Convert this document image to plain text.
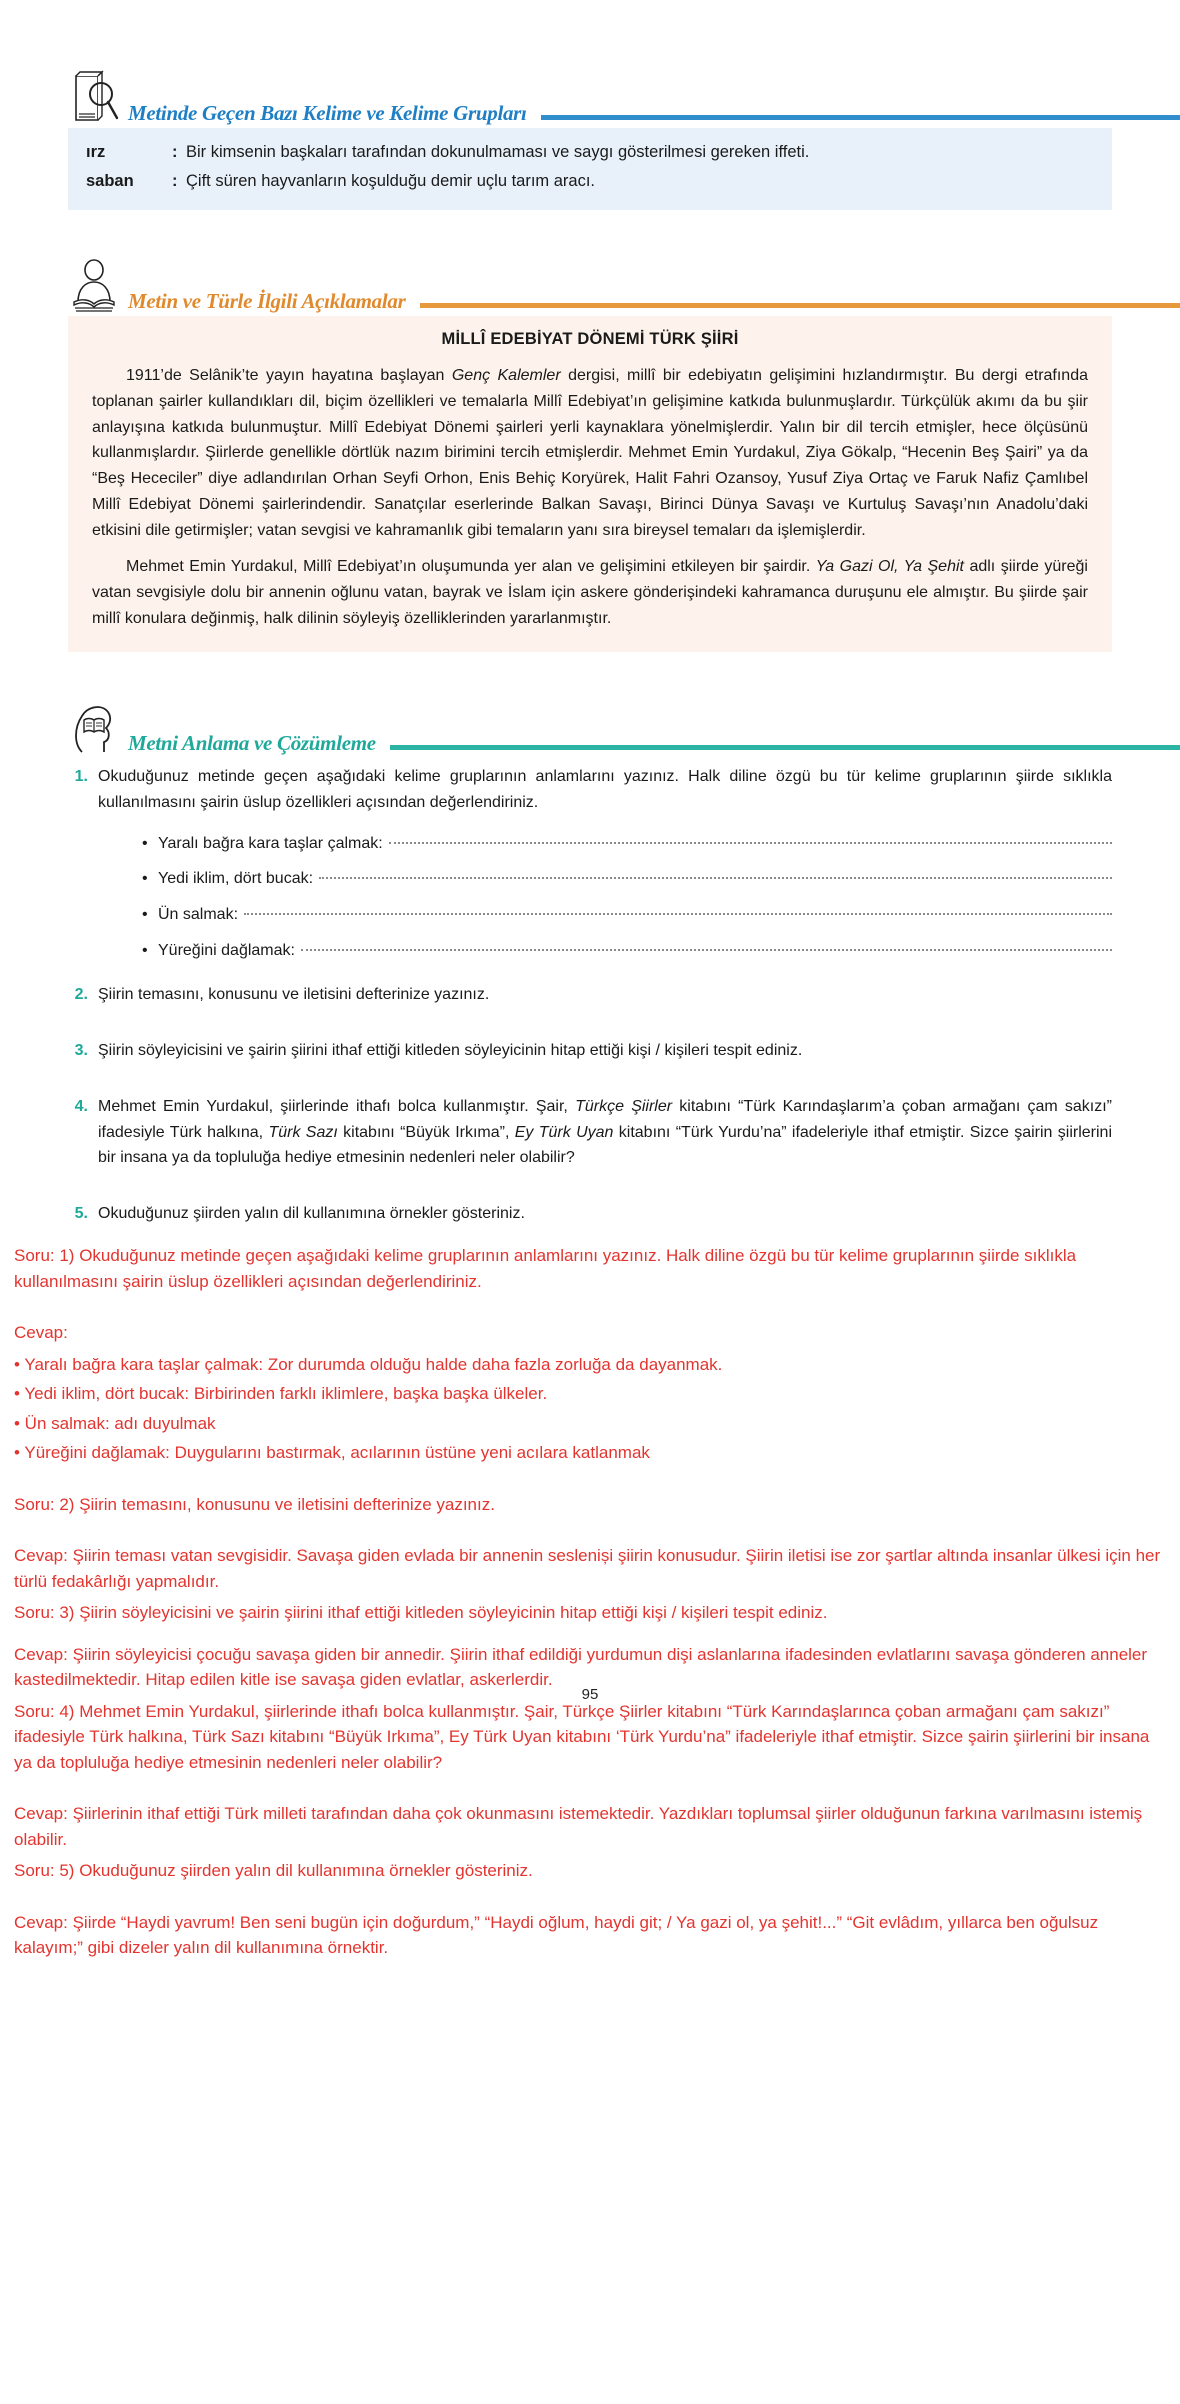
Metinde Geçen Bazı Kelime ve Kelime Grupları
ırz	: Bir kimsenin başkaları tarafından dokunulmaması ve saygı gösterilmesi gereken iffeti.
saban	: Çift süren hayvanların koşulduğu demir uçlu tarım aracı.
Metin ve Türle İlgili Açıklamalar
MİLLÎ EDEBİYAT DÖNEMİ TÜRK ŞİİRİ

1911’de Selânik’te yayın hayatına başlayan Genç Kalemler dergisi, millî bir edebiyatın gelişimini hızlandırmıştır. Bu dergi etrafında toplanan şairler kullandıkları dil, biçim özellikleri ve temalarla Millî Edebiyat’ın gelişimine katkıda bulunmuşlardır. Türkçülük akımı da bu şiir anlayışına katkıda bulunmuştur. Millî Edebiyat Dönemi şairleri yerli kaynaklara yönelmişlerdir. Yalın bir dil tercih etmişler, hece ölçüsünü kullanmışlardır. Şiirlerde genellikle dörtlük nazım birimini tercih etmişlerdir. Mehmet Emin Yurdakul, Ziya Gökalp, “Hecenin Beş Şairi” ya da “Beş Hececiler” diye adlandırılan Orhan Seyfi Orhon, Enis Behiç Koryürek, Halit Fahri Ozansoy, Yusuf Ziya Ortaç ve Faruk Nafiz Çamlıbel Millî Edebiyat Dönemi şairlerindendir. Sanatçılar eserlerinde Balkan Savaşı, Birinci Dünya Savaşı ve Kurtuluş Savaşı’nın Anadolu’daki etkisini dile getirmişler; vatan sevgisi ve kahramanlık gibi temaların yanı sıra bireysel temaları da işlemişlerdir.

Mehmet Emin Yurdakul, Millî Edebiyat’ın oluşumunda yer alan ve gelişimini etkileyen bir şairdir. Ya Gazi Ol, Ya Şehit adlı şiirde yüreği vatan sevgisiyle dolu bir annenin oğlunu vatan, bayrak ve İslam için askere gönderişindeki kahramanca duruşunu ele almıştır. Bu şiirde şair millî konulara değinmiş, halk dilinin söyleyiş özelliklerinden yararlanmıştır.

Metni Anlama ve Çözümleme
1. Okuduğunuz metinde geçen aşağıdaki kelime gruplarının anlamlarını yazınız. Halk diline özgü bu tür kelime gruplarının şiirde sıklıkla kullanılmasını şairin üslup özellikleri açısından değerlendiriniz.
• Yaralı bağra kara taşlar çalmak:
• Yedi iklim, dört bucak:
• Ün salmak:
• Yüreğini dağlamak:
2. Şiirin temasını, konusunu ve iletisini defterinize yazınız.
3. Şiirin söyleyicisini ve şairin şiirini ithaf ettiği kitleden söyleyicinin hitap ettiği kişi / kişileri tespit ediniz.
4. Mehmet Emin Yurdakul, şiirlerinde ithafı bolca kullanmıştır. Şair, Türkçe Şiirler kitabını “Türk Karındaşlarım’a çoban armağanı çam sakızı” ifadesiyle Türk halkına, Türk Sazı kitabını “Büyük Irkıma”, Ey Türk Uyan kitabını “Türk Yurdu’na” ifadeleriyle ithaf etmiştir. Sizce şairin şiirlerini bir insana ya da topluluğa hediye etmesinin nedenleri neler olabilir?
5. Okuduğunuz şiirden yalın dil kullanımına örnekler gösteriniz.
95

Soru: 1) Okuduğunuz metinde geçen aşağıdaki kelime gruplarının anlamlarını yazınız. Halk diline özgü bu tür kelime gruplarının şiirde sıklıkla kullanılmasını şairin üslup özellikleri açısından değerlendiriniz.

Cevap:

• Yaralı bağra kara taşlar çalmak: Zor durumda olduğu halde daha fazla zorluğa da dayanmak.
• Yedi iklim, dört bucak: Birbirinden farklı iklimlere, başka başka ülkeler.
• Ün salmak: adı duyulmak
• Yüreğini dağlamak: Duygularını bastırmak, acılarının üstüne yeni acılara katlanmak

Soru: 2) Şiirin temasını, konusunu ve iletisini defterinize yazınız.

Cevap: Şiirin teması vatan sevgisidir. Savaşa giden evlada bir annenin sesleniși şiirin konusudur. Şiirin iletisi ise zor şartlar altında insanlar ülkesi için her türlü fedakârlığı yapmalıdır.

Soru: 3) Şiirin söyleyicisini ve şairin şiirini ithaf ettiği kitleden söyleyicinin hitap ettiği kişi / kişileri tespit ediniz.

Cevap: Şiirin söyleyicisi çocuğu savaşa giden bir annedir. Şiirin ithaf edildiği yurdumun dişi aslanlarına ifadesinden evlatlarını savaşa gönderen anneler kastedilmektedir. Hitap edilen kitle ise savaşa giden evlatlar, askerlerdir.

Soru: 4) Mehmet Emin Yurdakul, şiirlerinde ithafı bolca kullanmıştır. Şair, Türkçe Şiirler kitabını “Türk Karındaşlarınca çoban armağanı çam sakızı” ifadesiyle Türk halkına, Türk Sazı kitabını “Büyük Irkıma”, Ey Türk Uyan kitabını ‘Türk Yurdu’na” ifadeleriyle ithaf etmiştir. Sizce şairin şiirlerini bir insana ya da topluluğa hediye etmesinin nedenleri neler olabilir?

Cevap: Şiirlerinin ithaf ettiği Türk milleti tarafından daha çok okunmasını istemektedir. Yazdıkları toplumsal şiirler olduğunun farkına varılmasını istemiş olabilir.

Soru: 5) Okuduğunuz şiirden yalın dil kullanımına örnekler gösteriniz.

Cevap: Şiirde “Haydi yavrum! Ben seni bugün için doğurdum,” “Haydi oğlum, haydi git; / Ya gazi ol, ya şehit!...” “Git evlâdım, yıllarca ben oğulsuz kalayım;” gibi dizeler yalın dil kullanımına örnektir.
